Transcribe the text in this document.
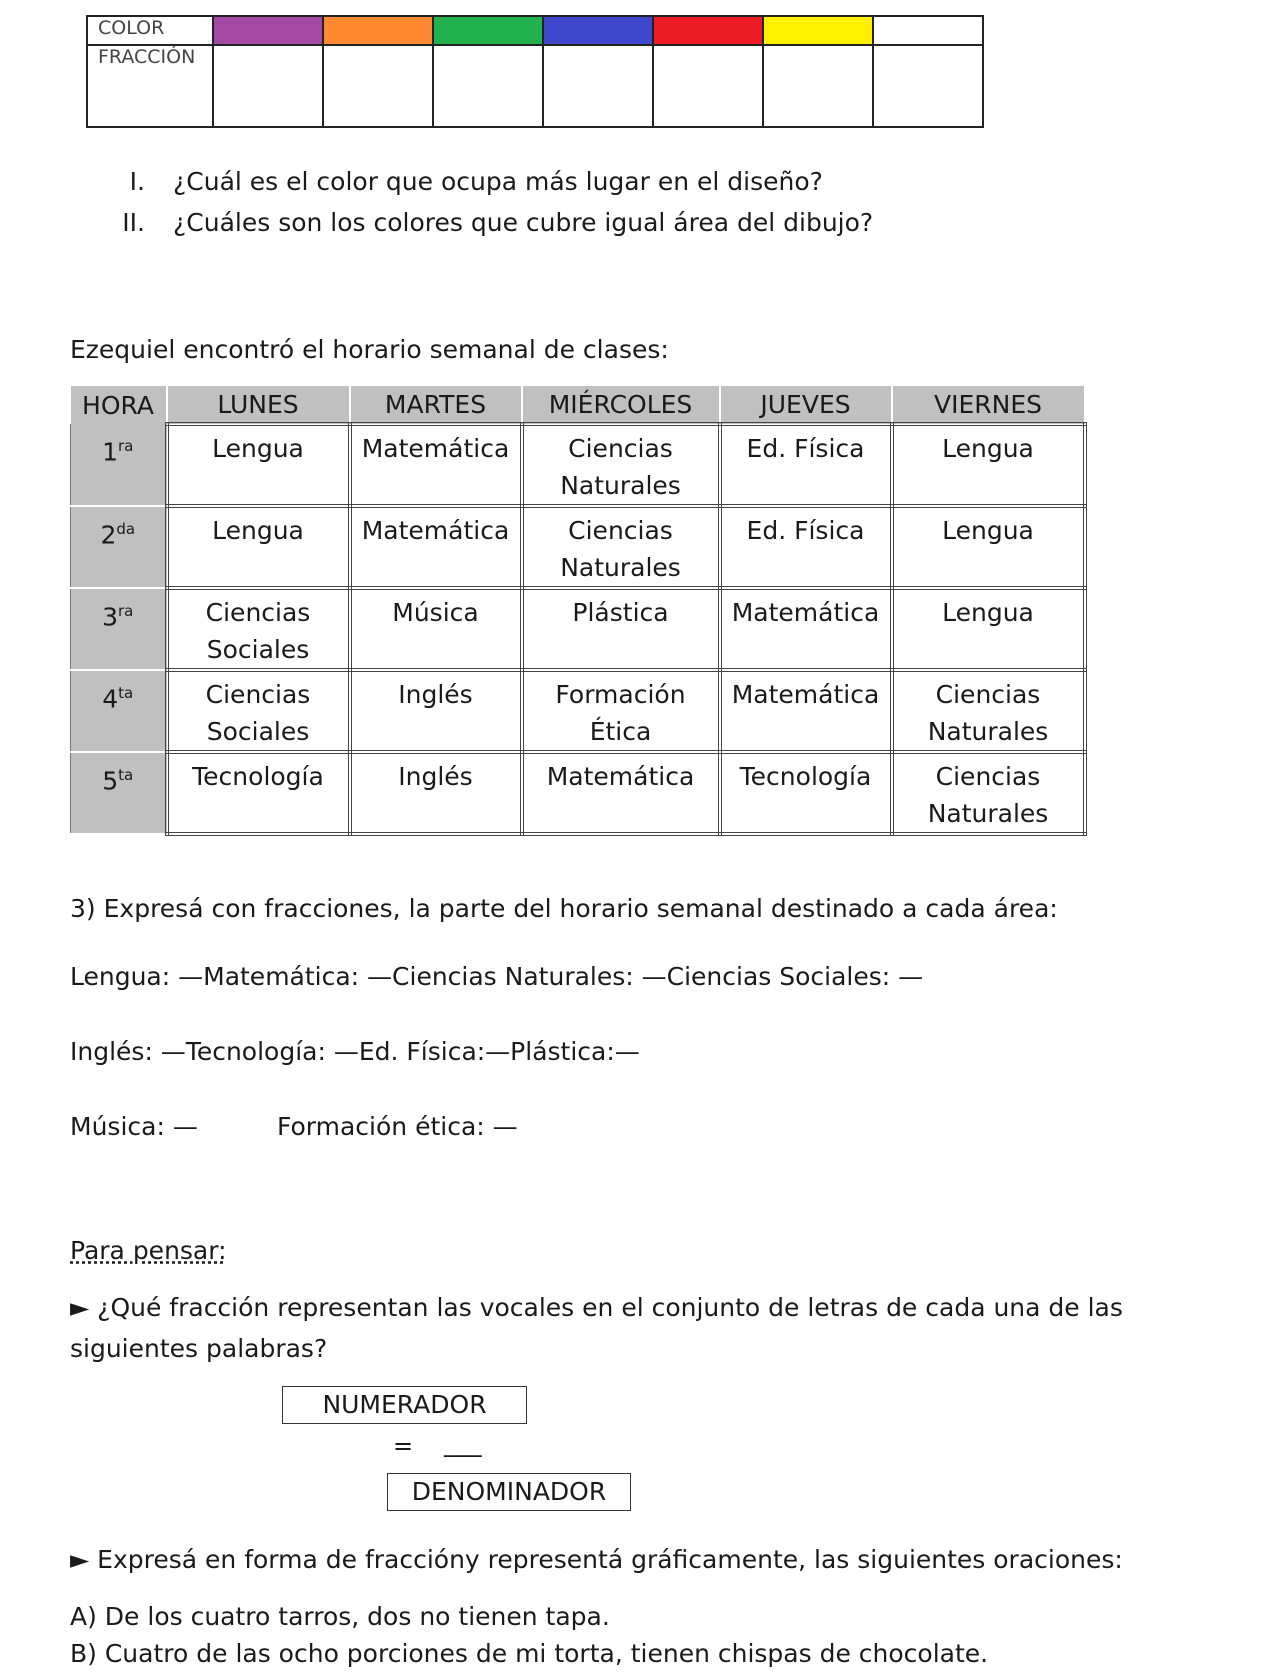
COLOR							
FRACCIÓN							
I. ¿Cuál es el color que ocupa más lugar en el diseño?
II. ¿Cuáles son los colores que cubre igual área del dibujo?
Ezequiel encontró el horario semanal de clases:
HORA	LUNES	MARTES	MIÉRCOLES	JUEVES	VIERNES
$1^{ra}$	Lengua	Matemática	Ciencias Naturales	Ed. Física	Lengua
$2^{da}$	Lengua	Matemática	Ciencias Naturales	Ed. Física	Lengua
$3^{ra}$	Ciencias Sociales	Música	Plástica	Matemática	Lengua
$4^{ta}$	Ciencias Sociales	Inglés	Formación Ética	Matemática	Ciencias Naturales
$5^{ta}$	Tecnología	Inglés	Matemática	Tecnología	Ciencias Naturales
3) Expresá con fracciones, la parte del horario semanal destinado a cada área:
Lengua: —Matemática: —Ciencias Naturales: —Ciencias Sociales: —
Inglés: —Tecnología: —Ed. Física:—Plástica:—
Música: —	Formación ética: —
Para pensar:
► ¿Qué fracción representan las vocales en el conjunto de letras de cada una de las
siguientes palabras?
NUMERADOR
= ___
DENOMINADOR
► Expresá en forma de fraccióny representá gráficamente, las siguientes oraciones:
A) De los cuatro tarros, dos no tienen tapa.
B) Cuatro de las ocho porciones de mi torta, tienen chispas de chocolate.
